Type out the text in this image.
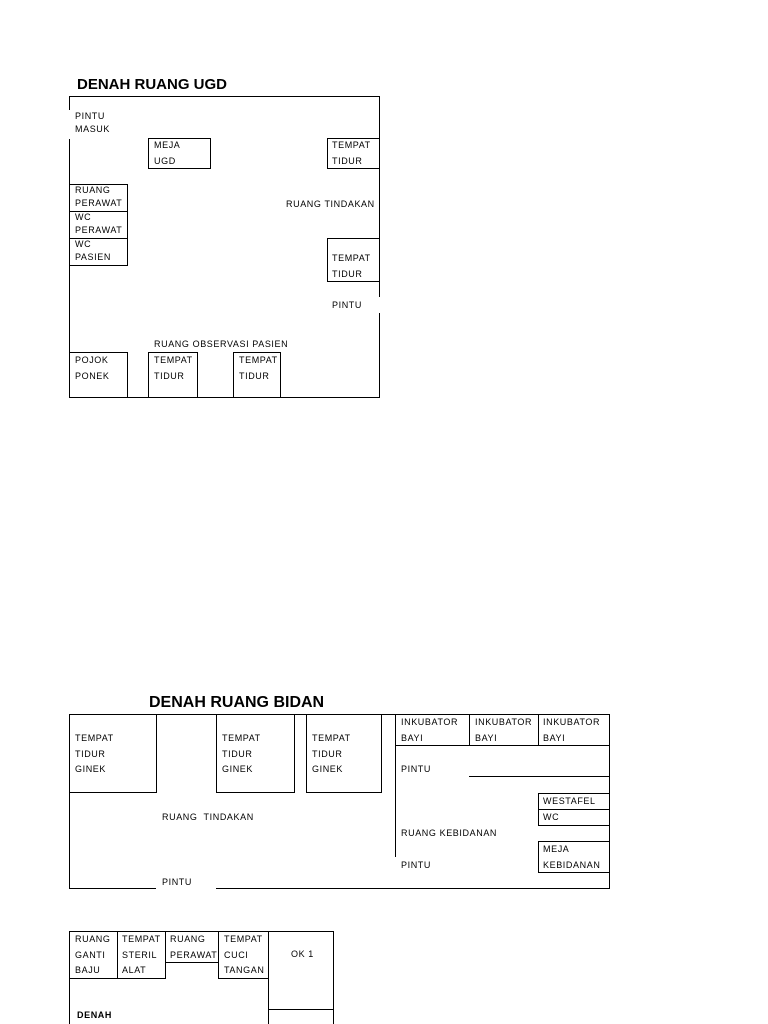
DENAH RUANG UGD
PINTU
MASUK
MEJA
UGD
TEMPAT
TIDUR
RUANG TINDAKAN
RUANG
PERAWAT
WC
PERAWAT
WC
PASIEN	TEMPAT
TIDUR
PINTU
RUANG OBSERVASI PASIEN
POJOK
PONEK
TEMPAT
TIDUR
TEMPAT
TIDUR
DENAH RUANG BIDAN
TEMPAT
TIDUR
GINEK
TEMPAT
TIDUR
GINEK
TEMPAT
TIDUR
GINEK
RUANG  TINDAKAN
PINTU
INKUBATOR
BAYI
INKUBATOR
BAYI
INKUBATOR
BAYI
PINTU
WESTAFEL
WC
RUANG KEBIDANAN
MEJA
KEBIDANAN
PINTU
RUANG
GANTI
BAJU
TEMPAT
STERIL
ALAT
RUANG
PERAWAT
TEMPAT
CUCI
TANGAN
OK 1
DENAH
